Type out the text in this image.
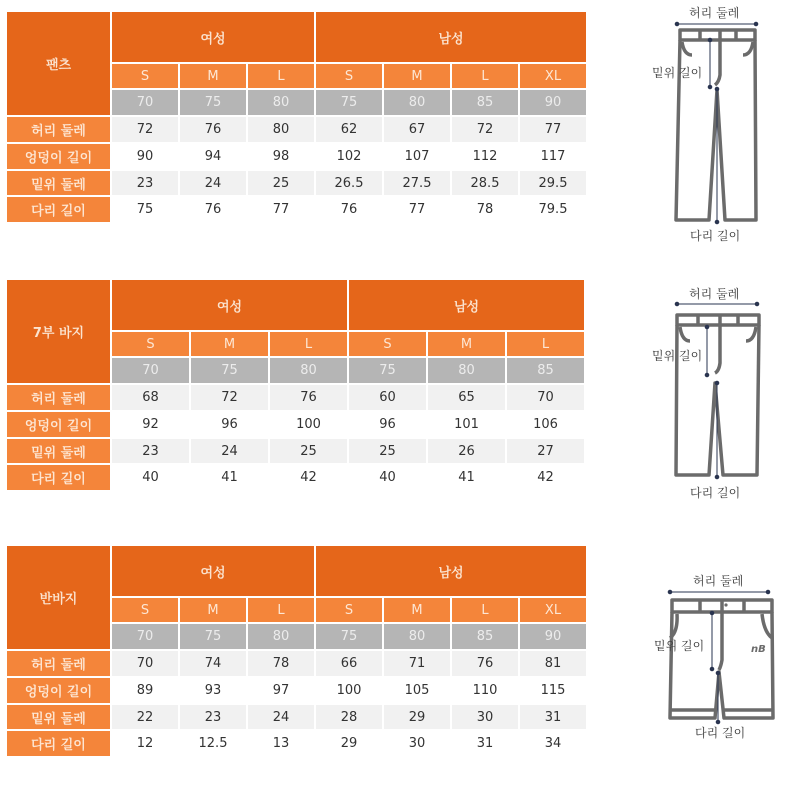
팬츠	여성			남성			
	S	M	L	S	M	L	XL
	70	75	80	75	80	85	90
허리 둘레	72	76	80	62	67	72	77
엉덩이 길이	90	94	98	102	107	112	117
밑위 둘레	23	24	25	26.5	27.5	28.5	29.5
다리 길이	75	76	77	76	77	78	79.5
7부 바지	여성			남성		
	S	M	L	S	M	L
	70	75	80	75	80	85
허리 둘레	68	72	76	60	65	70
엉덩이 길이	92	96	100	96	101	106
밑위 둘레	23	24	25	25	26	27
다리 길이	40	41	42	40	41	42
반바지	여성			남성			
	S	M	L	S	M	L	XL
	70	75	80	75	80	85	90
허리 둘레	70	74	78	66	71	76	81
엉덩이 길이	89	93	97	100	105	110	115
밑위 둘레	22	23	24	28	29	30	31
다리 길이	12	12.5	13	29	30	31	34
허리 둘레
밑위 길이
다리 길이
허리 둘레
밑위 길이
다리 길이
허리 둘레
밑위 길이
다리 길이
nB
